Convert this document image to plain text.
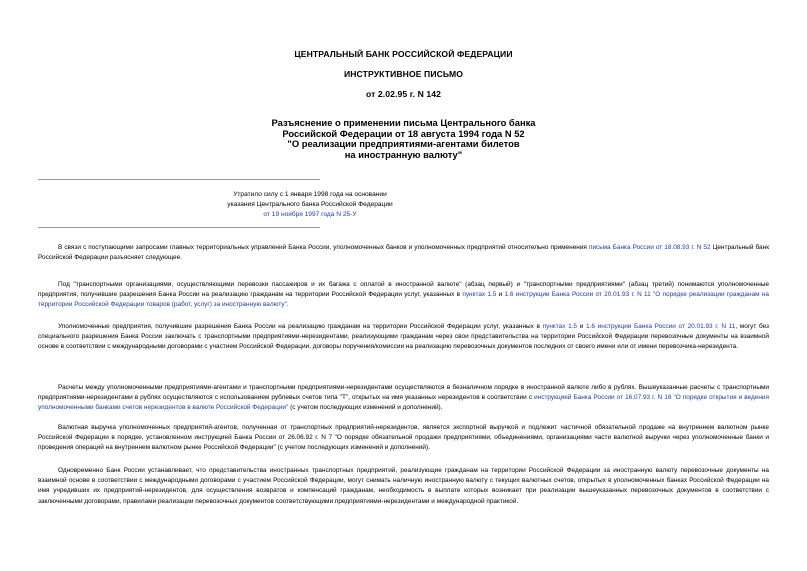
ЦЕНТРАЛЬНЫЙ БАНК РОССИЙСКОЙ ФЕДЕРАЦИИ
ИНСТРУКТИВНОЕ ПИСЬМО
от 2.02.95 г. N 142
Разъяснение о применении письма Центрального банка
Российской Федерации от 18 августа 1994 года N 52
"О реализации предприятиями-агентами билетов
на иностранную валюту"
Утратило силу с 1 января 1998 года на основании
указания Центрального банка Российской Федерации
от 19 ноября 1997 года N 25-У
В связи с поступающими запросами главных территориальных управлений Банка России, уполномоченных банков и уполномоченных предприятий относительно применения письма Банка России от 18.08.93 г. N 52 Центральный банк Российской Федерации разъясняет следующее.
Под "транспортными организациями, осуществляющими перевозки пассажиров и их багажа с оплатой в иностранной валюте" (абзац первый) и "транспортными предприятиями" (абзац третий) понимаются уполномоченные предприятия, получившие разрешения Банка России на реализацию гражданам на территории Российской Федерации услуг, указанных в пунктах 1.5 и 1.6 инструкции Банка России от 20.01.93 г. N 11 "О порядке реализации гражданам на территории Российской Федерации товаров (работ, услуг) за иностранную валюту".
Уполномоченные предприятия, получившие разрешения Банка России на реализацию гражданам на территории Российской Федерации услуг, указанных в пунктах 1.5 и 1.6 инструкции Банка России от 20.01.93 г. N 11, могут без специального разрешения Банка России заключать с транспортными предприятиями-нерезидентами, реализующими гражданам через свои представительства на территории Российской Федерации перевозочные документы на взаимной основе в соответствии с международными договорами с участием Российской Федерации, договоры поручения/комиссии на реализацию перевозочных документов последних от своего имени или от имени перевозчика-нерезидента.
Расчеты между уполномоченными предприятиями-агентами и транспортными предприятиями-нерезидентами осуществляются в безналичном порядке в иностранной валюте либо в рублях. Вышеуказанные расчеты с транспортными предприятиями-нерезидентами в рублях осуществляются с использованием рублевых счетов типа "Т", открытых на имя указанных нерезидентов в соответствии с инструкцией Банка России от 16.07.93 г. N 16 "О порядке открытия и ведения уполномоченными банками счетов нерезидентов в валюте Российской Федерации" (с учетом последующих изменений и дополнений).
Валютная выручка уполномоченных предприятий-агентов, полученная от транспортных предприятий-нерезидентов, является экспортной выручкой и подлежит частичной обязательной продаже на внутреннем валютном рынке Российской Федерации в порядке, установленном инструкцией Банка России от 26.06.92 г. N 7 "О порядке обязательной продажи предприятиями, объединениями, организациями части валютной выручки через уполномоченные банки и проведения операций на внутреннем валютном рынке Российской Федерации" (с учетом последующих изменений и дополнений).
Одновременно Банк России устанавливает, что представительства иностранных транспортных предприятий, реализующие гражданам на территории Российской Федерации за иностранную валюту перевозочные документы на взаимной основе в соответствии с международными договорами с участием Российской Федерации, могут снимать наличную иностранную валюту с текущих валютных счетов, открытых в уполномоченных банках Российской Федерации на имя учредивших их предприятий-нерезидентов, для осуществления возвратов и компенсаций гражданам, необходимость в выплате которых возникает при реализации вышеуказанных перевозочных документов в соответствии с заключенными договорами, правилами реализации перевозочных документов соответствующими предприятиями-нерезидентами и международной практикой.
